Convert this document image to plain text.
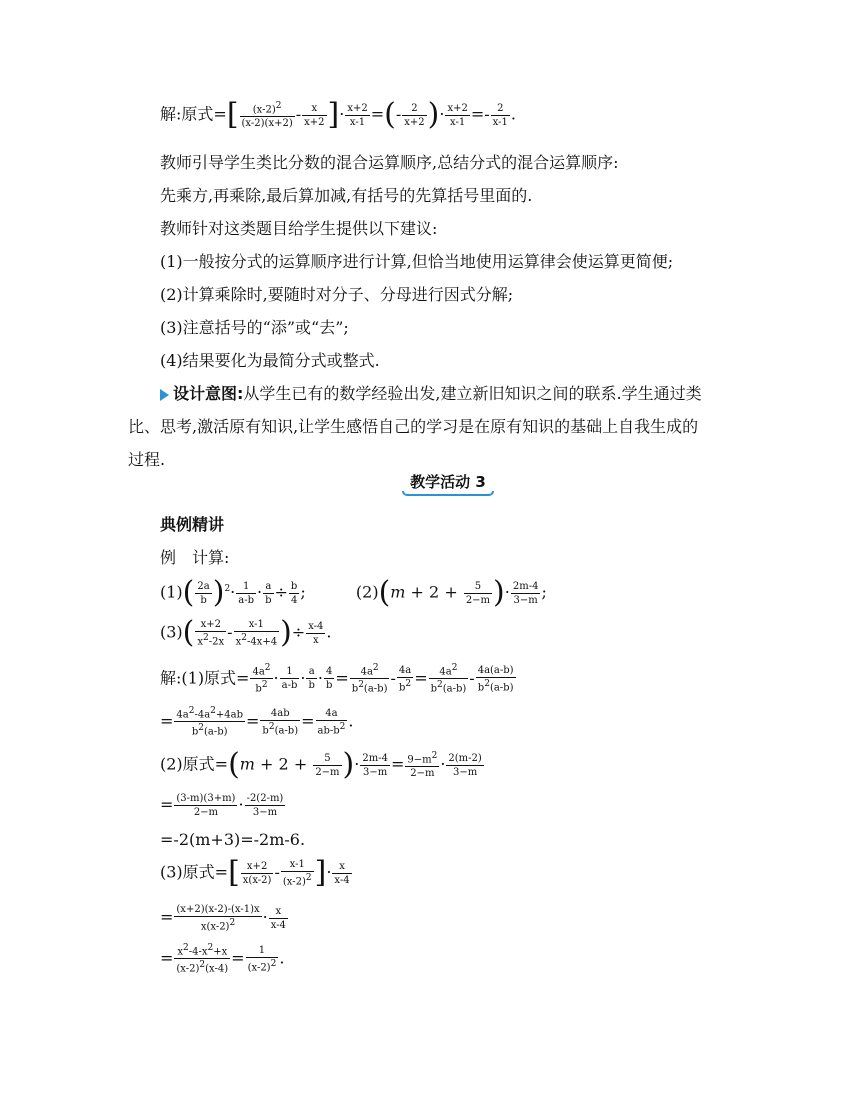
解:原式=[ $\frac{(x-2)^2}{(x-2)(x+2)} - \frac{x}{x+2}$ ]· $\frac{x+2}{x-1}$ =(- $\frac{2}{x+2}$ )· $\frac{x+2}{x-1} =- \frac{2}{x-1}$ .
教师引导学生类比分数的混合运算顺序,总结分式的混合运算顺序:
先乘方,再乘除,最后算加减,有括号的先算括号里面的.
教师针对这类题目给学生提供以下建议:
(1)一般按分式的运算顺序进行计算,但恰当地使用运算律会使运算更简便;
(2)计算乘除时,要随时对分子、分母进行因式分解;
(3)注意括号的“添”或“去”;
(4)结果要化为最简分式或整式.
设计意图:从学生已有的数学经验出发,建立新旧知识之间的联系.学生通过类
比、思考,激活原有知识,让学生感悟自己的学习是在原有知识的基础上自我生成的
过程.
教学活动 3
典例精讲
例　计算:
$(1)( \frac{2a}{b} )^2\cdot \frac{1}{a-b} \cdot \frac{a}{b} \div \frac{b}{4}$ ;	$(2)(m + 2 + \frac{5}{2-m}$ )· $\frac{2m-4}{3-m}$ ;
$(3)( \frac{x+2}{x^2-2x} - \frac{x-1}{x^2-4x+4}$ )÷ $\frac{x-4}{x}$ .
解:(1)原式= $\frac{4a^2}{b^2} \cdot \frac{1}{a-b} \cdot \frac{a}{b} \cdot \frac{4}{b} = \frac{4a^2}{b^2(a-b)} - \frac{4a}{b^2} = \frac{4a^2}{b^2(a-b)} - \frac{4a(a-b)}{b^2(a-b)}$
= $\frac{4a^2-4a^2+4ab}{b^2(a-b)} = \frac{4ab}{b^2(a-b)} = \frac{4a}{ab-b^2}$ .
(2)原式$=(m + 2 + \frac{5}{2-m}$ )· $\frac{2m-4}{3-m} = \frac{9-m^2}{2-m} \cdot \frac{2(m-2)}{3-m}$
= $\frac{(3-m)(3+m)}{2-m} \cdot \frac{-2(2-m)}{3-m}$
=-2(m+3)=-2m-6.
(3)原式=[ $\frac{x+2}{x(x-2)} - \frac{x-1}{(x-2)^2}$ ]· $\frac{x}{x-4}$
= $\frac{(x+2)(x-2)-(x-1)x}{x(x-2)^2} \cdot \frac{x}{x-4}$
= $\frac{x^2-4-x^2+x}{(x-2)^2(x-4)} = \frac{1}{(x-2)^2}$ .
